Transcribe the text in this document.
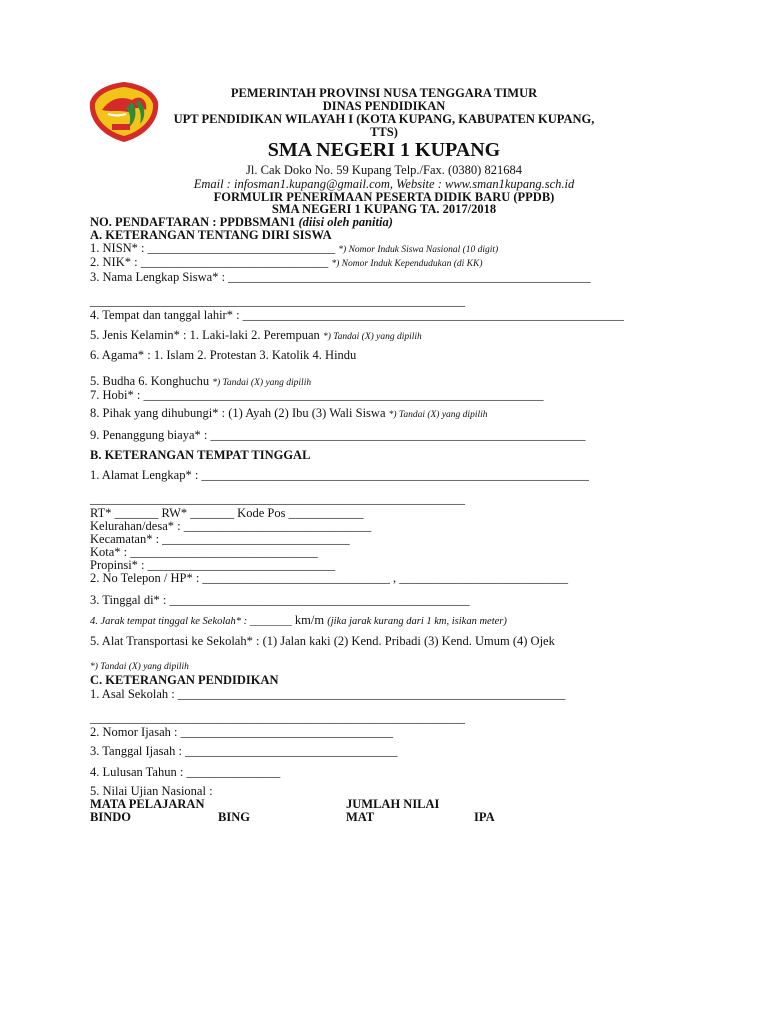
PEMERINTAH PROVINSI NUSA TENGGARA TIMUR
DINAS PENDIDIKAN
UPT PENDIDIKAN WILAYAH I (KOTA KUPANG, KABUPATEN KUPANG,
TTS)
SMA NEGERI 1 KUPANG
Jl. Cak Doko No. 59 Kupang Telp./Fax. (0380) 821684
Email : infosman1.kupang@gmail.com, Website : www.sman1kupang.sch.id
FORMULIR PENERIMAAN PESERTA DIDIK BARU (PPDB)
SMA NEGERI 1 KUPANG TA. 2017/2018
NO. PENDAFTARAN : PPDBSMAN1 (diisi oleh panitia)
A. KETERANGAN TENTANG DIRI SISWA
1. NISN* : ______________________________ *) Nomor Induk Siswa Nasional (10 digit)
2. NIK* : ______________________________ *) Nomor Induk Kependudukan (di KK)
3. Nama Lengkap Siswa* : __________________________________________________________
____________________________________________________________
4. Tempat dan tanggal lahir* : _____________________________________________________________
5. Jenis Kelamin* : 1. Laki-laki 2. Perempuan *) Tandai (X) yang dipilih
6. Agama* : 1. Islam 2. Protestan 3. Katolik 4. Hindu
5. Budha 6. Konghuchu *) Tandai (X) yang dipilih
7. Hobi* : ________________________________________________________________
8. Pihak yang dihubungi* : (1) Ayah (2) Ibu (3) Wali Siswa *) Tandai (X) yang dipilih
9. Penanggung biaya* : ____________________________________________________________
B. KETERANGAN TEMPAT TINGGAL
1. Alamat Lengkap* : ______________________________________________________________
____________________________________________________________
RT* _______ RW* _______ Kode Pos ____________
Kelurahan/desa* : ______________________________
Kecamatan* : ______________________________
Kota* : ______________________________
Propinsi* : ______________________________
2. No Telepon / HP* : ______________________________ , ___________________________
3. Tinggal di* : ________________________________________________
4. Jarak tempat tinggal ke Sekolah* : ________ km/m (jika jarak kurang dari 1 km, isikan meter)
5. Alat Transportasi ke Sekolah* : (1) Jalan kaki (2) Kend. Pribadi (3) Kend. Umum (4) Ojek
*) Tandai (X) yang dipilih
C. KETERANGAN PENDIDIKAN
1. Asal Sekolah : ______________________________________________________________
____________________________________________________________
2. Nomor Ijasah : __________________________________
3. Tanggal Ijasah : __________________________________
4. Lulusan Tahun : _______________
5. Nilai Ujian Nasional :
MATA PELAJARAN	JUMLAH NILAI
BINDO	BING	MAT	IPA
